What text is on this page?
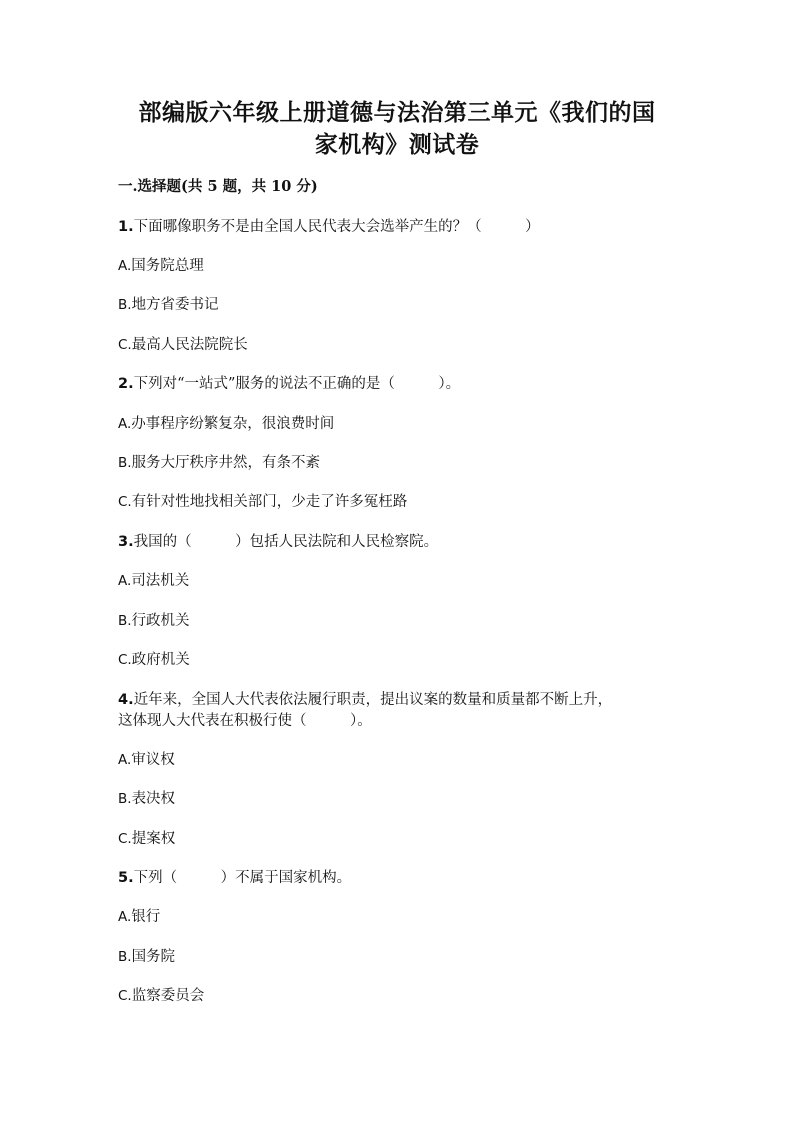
部编版六年级上册道德与法治第三单元《我们的国
家机构》测试卷
一.选择题(共 5 题，共 10 分)
1.下面哪像职务不是由全国人民代表大会选举产生的？（　　　）
A.国务院总理
B.地方省委书记
C.最高人民法院院长
2.下列对“一站式”服务的说法不正确的是（　　　）。
A.办事程序纷繁复杂，很浪费时间
B.服务大厅秩序井然，有条不紊
C.有针对性地找相关部门，少走了许多冤枉路
3.我国的（　　　）包括人民法院和人民检察院。
A.司法机关
B.行政机关
C.政府机关
4.近年来，全国人大代表依法履行职责，提出议案的数量和质量都不断上升，
这体现人大代表在积极行使（　　　）。
A.审议权
B.表决权
C.提案权
5.下列（　　　）不属于国家机构。
A.银行
B.国务院
C.监察委员会
